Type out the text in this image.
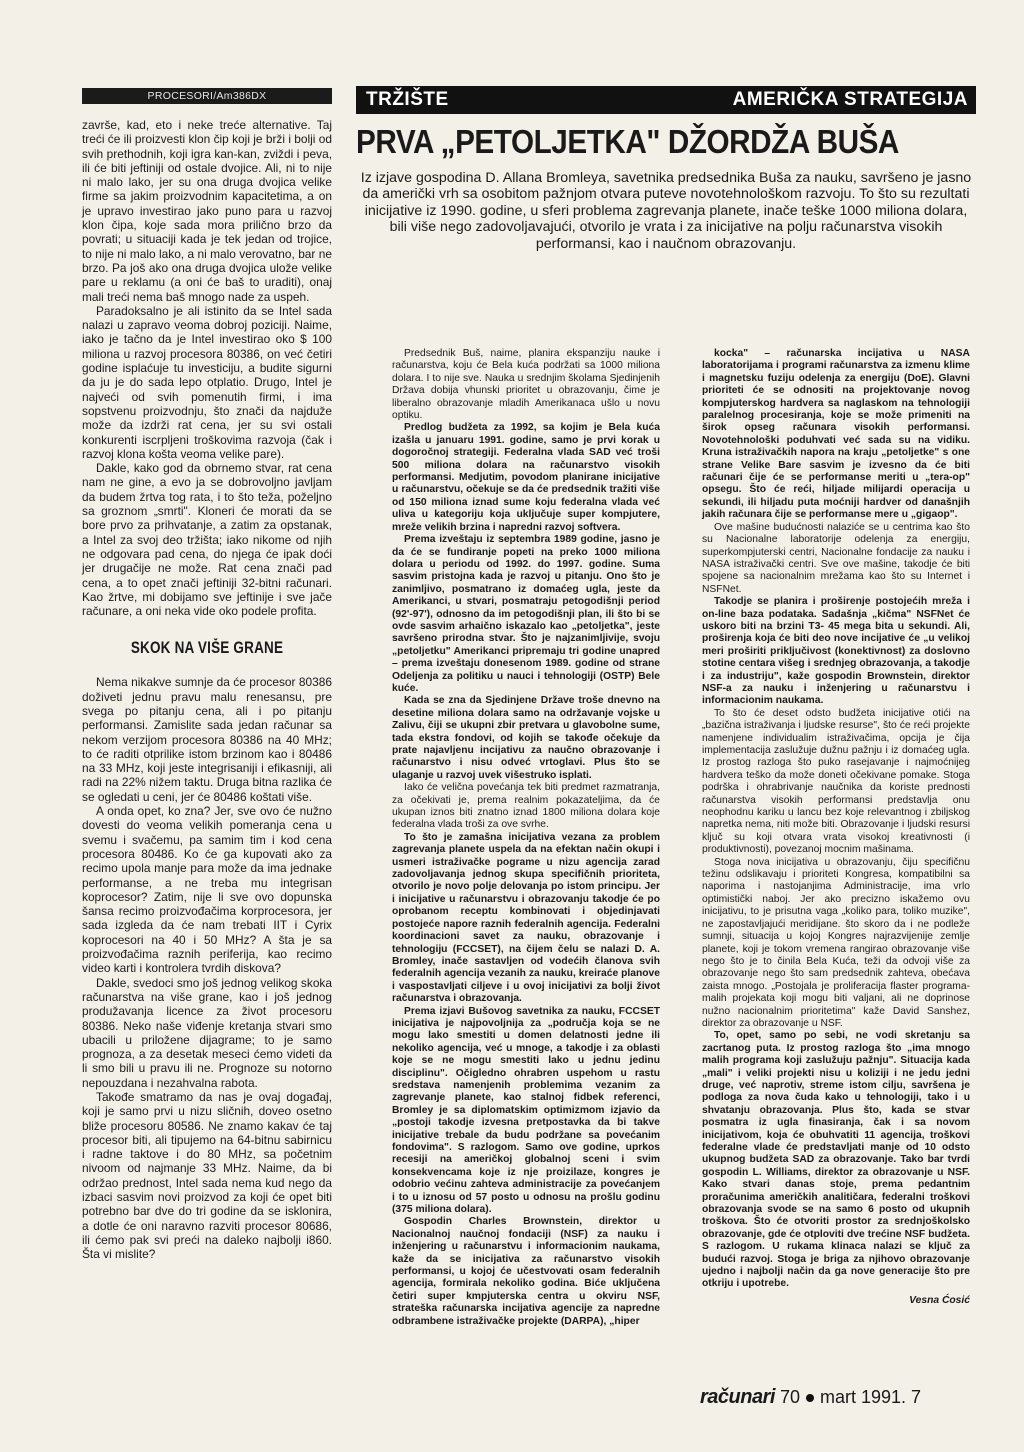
PROCESORI/Am386DX

završe, kad, eto i neke treće alternative. Taj treći će ili proizvesti klon čip koji je brži i bolji od svih prethodnih, koji igra kan-kan, zviždi i peva, ili će biti jeftiniji od ostale dvojice. Ali, ni to nije ni malo lako, jer su ona druga dvojica velike firme sa jakim proizvodnim kapacitetima, a on je upravo investirao jako puno para u razvoj klon čipa, koje sada mora prilično brzo da povrati; u situaciji kada je tek jedan od trojice, to nije ni malo lako, a ni malo verovatno, bar ne brzo. Pa još ako ona druga dvojica ulože velike pare u reklamu (a oni će baš to uraditi), onaj mali treći nema baš mnogo nade za uspeh.

Paradoksalno je ali istinito da se Intel sada nalazi u zapravo veoma dobroj poziciji. Naime, iako je tačno da je Intel investirao oko $ 100 miliona u razvoj procesora 80386, on već četiri godine isplaćuje tu investiciju, a budite sigurni da ju je do sada lepo otplatio. Drugo, Intel je najveći od svih pomenutih firmi, i ima sopstvenu proizvodnju, što znači da najduže može da izdrži rat cena, jer su svi ostali konkurenti iscrpljeni troškovima razvoja (čak i razvoj klona košta veoma velike pare).

Dakle, kako god da obrnemo stvar, rat cena nam ne gine, a evo ja se dobrovoljno javljam da budem žrtva tog rata, i to što teža, poželjno sa groznom „smrti". Kloneri će morati da se bore prvo za prihvatanje, a zatim za opstanak, a Intel za svoj deo tržišta; iako nikome od njih ne odgovara pad cena, do njega će ipak doći jer drugačije ne može. Rat cena znači pad cena, a to opet znači jeftiniji 32-bitni računari. Kao žrtve, mi dobijamo sve jeftinije i sve jače računare, a oni neka vide oko podele profita.

SKOK NA VIŠE GRANE

Nema nikakve sumnje da će procesor 80386 doživeti jednu pravu malu renesansu, pre svega po pitanju cena, ali i po pitanju performansi. Zamislite sada jedan računar sa nekom verzijom procesora 80386 na 40 MHz; to će raditi otprilike istom brzinom kao i 80486 na 33 MHz, koji jeste integrisaniji i efikasniji, ali radi na 22% nižem taktu. Druga bitna razlika će se ogledati u ceni, jer će 80486 koštati više.

A onda opet, ko zna? Jer, sve ovo će nužno dovesti do veoma velikih pomeranja cena u svemu i svačemu, pa samim tim i kod cena procesora 80486. Ko će ga kupovati ako za recimo upola manje para može da ima jednake performanse, a ne treba mu integrisan koprocesor? Zatim, nije li sve ovo dopunska šansa recimo proizvođačima korprocesora, jer sada izgleda da će nam trebati IIT i Cyrix koprocesori na 40 i 50 MHz? A šta je sa proizvođačima raznih periferija, kao recimo video karti i kontrolera tvrdih diskova?

Dakle, svedoci smo još jednog velikog skoka računarstva na više grane, kao i još jednog produžavanja licence za život procesoru 80386. Neko naše viđenje kretanja stvari smo ubacili u priložene dijagrame; to je samo prognoza, a za desetak meseci ćemo videti da li smo bili u pravu ili ne. Prognoze su notorno nepouzdana i nezahvalna rabota.

Takođe smatramo da nas je ovaj događaj, koji je samo prvi u nizu sličnih, doveo osetno bliže procesoru 80586. Ne znamo kakav će taj procesor biti, ali tipujemo na 64-bitnu sabirnicu i radne taktove i do 80 MHz, sa početnim nivoom od najmanje 33 MHz. Naime, da bi održao prednost, Intel sada nema kud nego da izbaci sasvim novi proizvod za koji će opet biti potrebno bar dve do tri godine da se isklonira, a dotle će oni naravno razviti procesor 80686, ili ćemo pak svi preći na daleko najbolji i860. Šta vi mislite?

TRŽIŠTE	AMERIČKA STRATEGIJA
PRVA „PETOLJETKA" DŽORDŽA BUŠA
Iz izjave gospodina D. Allana Bromleya, savetnika predsednika Buša za nauku, savršeno je jasno da američki vrh sa osobitom pažnjom otvara puteve novotehnološkom razvoju. To što su rezultati inicijative iz 1990. godine, u sferi problema zagrevanja planete, inače teške 1000 miliona dolara, bili više nego zadovoljavajući, otvorilo je vrata i za inicijative na polju računarstva visokih performansi, kao i naučnom obrazovanju.

Predsednik Buš, naime, planira ekspanziju nauke i računarstva, koju će Bela kuća podržati sa 1000 miliona dolara. I to nije sve. Nauka u srednjim školama Sjedinjenih Država dobija vhunski prioritet u obrazovanju, čime je liberalno obrazovanje mladih Amerikanaca ušlo u novu optiku.

Predlog budžeta za 1992, sa kojim je Bela kuća izašla u januaru 1991. godine, samo je prvi korak u dogoročnoj strategiji. Federalna vlada SAD već troši 500 miliona dolara na računarstvo visokih performansi. Medjutim, povodom planirane inicijative u računarstvu, očekuje se da će predsednik tražiti više od 150 miliona iznad sume koju federalna vlada već uliva u kategoriju koja uključuje super kompjutere, mreže velikih brzina i napredni razvoj softvera.

Prema izveštaju iz septembra 1989 godine, jasno je da će se fundiranje popeti na preko 1000 miliona dolara u periodu od 1992. do 1997. godine. Suma sasvim pristojna kada je razvoj u pitanju. Ono što je zanimljivo, posmatrano iz domaćeg ugla, jeste da Amerikanci, u stvari, posmatraju petogodišnji period (92'-97'), odnosno da im petogodišnji plan, ili što bi se ovde sasvim arhaično iskazalo kao „petoljetka", jeste savršeno prirodna stvar. Što je najzanimljivije, svoju „petoljetku" Amerikanci pripremaju tri godine unapred – prema izveštaju donesenom 1989. godine od strane Odeljenja za politiku u nauci i tehnologiji (OSTP) Bele kuće.

Kada se zna da Sjedinjene Države troše dnevno na desetine miliona dolara samo na održavanje vojske u Zalivu, čiji se ukupni zbir pretvara u glavobolne sume, tada ekstra fondovi, od kojih se takođe očekuje da prate najavljenu incijativu za naučno obrazovanje i računarstvo i nisu odveć vrtoglavi. Plus što se ulaganje u razvoj uvek višestruko isplati.

Iako će velična povećanja tek biti predmet razmatranja, za očekivati je, prema realnim pokazateljima, da će ukupan iznos biti znatno iznad 1800 miliona dolara koje federalna vlada troši za ove svrhe.

To što je zamašna inicijativa vezana za problem zagrevanja planete uspela da na efektan način okupi i usmeri istraživačke pograme u nizu agencija zarad zadovoljavanja jednog skupa specifičnih prioriteta, otvorilo je novo polje delovanja po istom principu. Jer i inicijative u računarstvu i obrazovanju takodje će po oprobanom receptu kombinovati i objedinjavati postojeće napore raznih federalnih agencija. Federalni koordinacioni savet za nauku, obrazovanje i tehnologiju (FCCSET), na čijem čelu se nalazi D. A. Bromley, inače sastavljen od vodećih članova svih federalnih agencija vezanih za nauku, kreiraće planove i vaspostavljati ciljeve i u ovoj inicijativi za bolji život računarstva i obrazovanja.

Prema izjavi Bušovog savetnika za nauku, FCCSET inicijativa je najpovoljnija za „područja koja se ne mogu lako smestiti u domen delatnosti jedne ili nekoliko agencija, već u mnoge, a takodje i za oblasti koje se ne mogu smestiti lako u jednu jedinu disciplinu". Očigledno ohrabren uspehom u rastu sredstava namenjenih problemima vezanim za zagrevanje planete, kao stalnoj fidbek referenci, Bromley je sa diplomatskim optimizmom izjavio da „postoji takodje izvesna pretpostavka da bi takve inicijative trebale da budu podržane sa povećanim fondovima". S razlogom. Samo ove godine, uprkos recesiji na američkoj globalnoj sceni i svim konsekvencama koje iz nje proizilaze, kongres je odobrio većinu zahteva administracije za povećanjem i to u iznosu od 57 posto u odnosu na prošlu godinu (375 miliona dolara).

Gospodin Charles Brownstein, direktor u Nacionalnoj naučnoj fondaciji (NSF) za nauku i inženjering u računarstvu i informacionim naukama, kaže da se inicijativa za računarstvo visokih performansi, u kojoj će učestvovati osam federalnih agencija, formirala nekoliko godina. Biće uključena četiri super kmpjuterska centra u okviru NSF, strateška računarska incijativa agencije za napredne odbrambene istraživačke projekte (DARPA), „hiper

kocka" – računarska incijativa u NASA laboratorijama i programi računarstva za izmenu klime i magnetsku fuziju odelenja za energiju (DoE). Glavni prioriteti će se odnositi na projektovanje novog kompjuterskog hardvera sa naglaskom na tehnologiji paralelnog procesiranja, koje se može primeniti na širok opseg računara visokih performansi. Novotehnološki poduhvati već sada su na vidiku. Kruna istraživačkih napora na kraju „petoljetke" s one strane Velike Bare sasvim je izvesno da će biti računari čije će se performanse meriti u „tera-op" opsegu. Što će reći, hiljade milijardi operacija u sekundi, ili hiljadu puta moćniji hardver od današnjih jakih računara čije se performanse mere u „gigaop".

Ove mašine budućnosti nalaziće se u centrima kao što su Nacionalne laboratorije odelenja za energiju, superkompjuterski centri, Nacionalne fondacije za nauku i NASA istraživački centri. Sve ove mašine, takodje će biti spojene sa nacionalnim mrežama kao što su Internet i NSFNet.

Takodje se planira i proširenje postojećih mreža i on-line baza podataka. Sadašnja „kičma" NSFNet će uskoro biti na brzini T3- 45 mega bita u sekundi. Ali, proširenja koja će biti deo nove incijative će „u velikoj meri proširiti priključivost (konektivnost) za doslovno stotine centara višeg i srednjeg obrazovanja, a takodje i za industriju", kaže gospodin Brownstein, direktor NSF-a za nauku i inženjering u računarstvu i informacionim naukama.

To što će deset odsto budžeta inicijative otići na „bazična istraživanja i ljudske resurse", što će reći projekte namenjene individualim istraživačima, opcija je čija implementacija zaslužuje dužnu pažnju i iz domaćeg ugla. Iz prostog razloga što puko rasejavanje i najmoćnijeg hardvera teško da može doneti očekivane pomake. Stoga podrška i ohrabrivanje naučnika da koriste prednosti računarstva visokih performansi predstavlja onu neophodnu kariku u lancu bez koje relevantnog i zbiljskog napretka nema, niti može biti. Obrazovanje i ljudski resursi ključ su koji otvara vrata visokoj kreativnosti (i produktivnosti), povezanoj mocnim mašinama.

Stoga nova inicijativa u obrazovanju, čiju specifičnu težinu odslikavaju i prioriteti Kongresa, kompatibilni sa naporima i nastojanjima Administracije, ima vrlo optimistički naboj. Jer ako precizno iskažemo ovu inicijativu, to je prisutna vaga „koliko para, toliko muzike", ne zapostavljajući meridijane. što skoro da i ne podleže sumnji, situacija u kojoj Kongres najrazvijenije zemlje planete, koji je tokom vremena rangirao obrazovanje više nego što je to činila Bela Kuća, teži da odvoji više za obrazovanje nego što sam predsednik zahteva, obećava zaista mnogo. „Postojala je proliferacija flaster programa- malih projekata koji mogu biti valjani, ali ne doprinose nužno nacionalnim prioritetima" kaže David Sanshez, direktor za obrazovanje u NSF.

To, opet, samo po sebi, ne vodi skretanju sa zacrtanog puta. Iz prostog razloga što „ima mnogo malih programa koji zaslužuju pažnju". Situacija kada „mali" i veliki projekti nisu u koliziji i ne jedu jedni druge, već naprotiv, streme istom cilju, savršena je podloga za nova čuda kako u tehnologiji, tako i u shvatanju obrazovanja. Plus što, kada se stvar posmatra iz ugla finasiranja, čak i sa novom inicijativom, koja će obuhvatiti 11 agencija, troškovi federalne vlade će predstavljati manje od 10 odsto ukupnog budžeta SAD za obrazovanje. Tako bar tvrdi gospodin L. Williams, direktor za obrazovanje u NSF. Kako stvari danas stoje, prema pedantnim proračunima američkih analitičara, federalni troškovi obrazovanja svode se na samo 6 posto od ukupnih troškova. Što će otvoriti prostor za srednjoškolsko obrazovanje, gde će otploviti dve trećine NSF budžeta. S razlogom. U rukama klinaca nalazi se ključ za budući razvoj. Stoga je briga za njihovo obrazovanje ujedno i najbolji način da ga nove generacije što pre otkriju i upotrebe.

Vesna Ćosić
računari 70 mart 1991. 7
